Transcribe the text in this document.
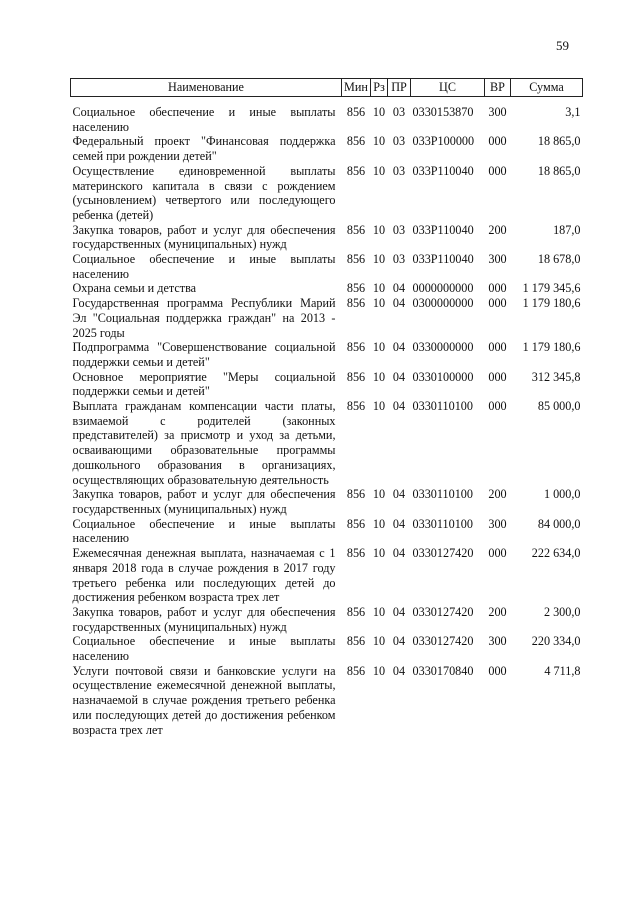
59
Наименование	Мин	Рз	ПР	ЦС	ВР	Сумма
Социальное обеспечение и иные выплаты населению	856	10	03	0330153870	300	3,1
Федеральный проект "Финансовая поддержка семей при рождении детей"	856	10	03	033P100000	000	18 865,0
Осуществление единовременной выплаты материнского капитала в связи с рождением (усыновлением) четвертого или последующего ребенка (детей)	856	10	03	033P110040	000	18 865,0
Закупка товаров, работ и услуг для обеспечения государственных (муниципальных) нужд	856	10	03	033P110040	200	187,0
Социальное обеспечение и иные выплаты населению	856	10	03	033P110040	300	18 678,0
Охрана семьи и детства	856	10	04	0000000000	000	1 179 345,6
Государственная программа Республики Марий Эл "Социальная поддержка граждан" на 2013 - 2025 годы	856	10	04	0300000000	000	1 179 180,6
Подпрограмма "Совершенствование социальной поддержки семьи и детей"	856	10	04	0330000000	000	1 179 180,6
Основное мероприятие "Меры социальной поддержки семьи и детей"	856	10	04	0330100000	000	312 345,8
Выплата гражданам компенсации части платы, взимаемой с родителей (законных представителей) за присмотр и уход за детьми, осваивающими образовательные программы дошкольного образования в организациях, осуществляющих образовательную деятельность	856	10	04	0330110100	000	85 000,0
Закупка товаров, работ и услуг для обеспечения государственных (муниципальных) нужд	856	10	04	0330110100	200	1 000,0
Социальное обеспечение и иные выплаты населению	856	10	04	0330110100	300	84 000,0
Ежемесячная денежная выплата, назначаемая с 1 января 2018 года в случае рождения в 2017 году третьего ребенка или последующих детей до достижения ребенком возраста трех лет	856	10	04	0330127420	000	222 634,0
Закупка товаров, работ и услуг для обеспечения государственных (муниципальных) нужд	856	10	04	0330127420	200	2 300,0
Социальное обеспечение и иные выплаты населению	856	10	04	0330127420	300	220 334,0
Услуги почтовой связи и банковские услуги на осуществление ежемесячной денежной выплаты, назначаемой в случае рождения третьего ребенка или последующих детей до достижения ребенком возраста трех лет	856	10	04	0330170840	000	4 711,8
